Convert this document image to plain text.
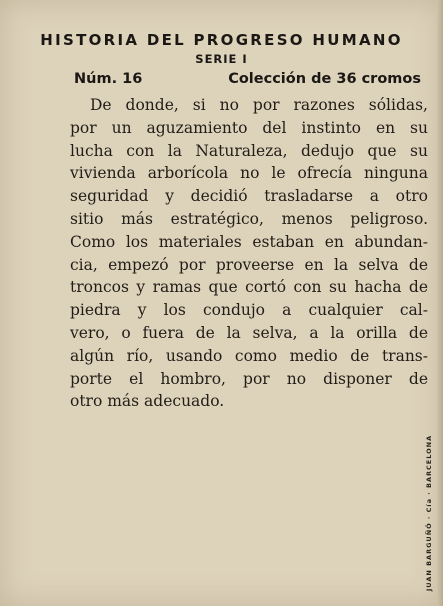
HISTORIA DEL PROGRESO HUMANO
SERIE I
Núm. 16	Colección de 36 cromos
De donde, si no por razones sólidas,
por un aguzamiento del instinto en su
lucha con la Naturaleza, dedujo que su
vivienda arborícola no le ofrecía ninguna
seguridad y decidió trasladarse a otro
sitio más estratégico, menos peligroso.
Como los materiales estaban en abundan-
cia, empezó por proveerse en la selva de
troncos y ramas que cortó con su hacha de
piedra y los condujo a cualquier cal-
vero, o fuera de la selva, a la orilla de
algún río, usando como medio de trans-
porte el hombro, por no disponer de
otro más adecuado.
JUAN BARGUÑÓ · Cía · BARCELONA
